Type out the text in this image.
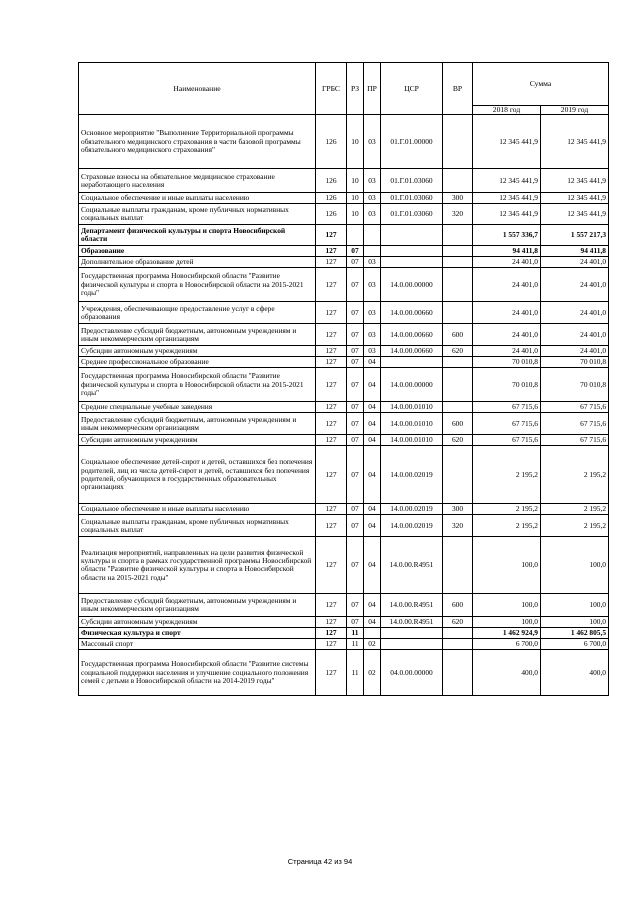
Наименование	ГРБС	РЗ	ПР	ЦСР	ВР	Сумма	
						2018 год	2019 год
Основное мероприятие "Выполнение Территориальной программы обязательного медицинского страхования в части базовой программы обязательного медицинского страхования"	126	10	03	01.Г.01.00000		12 345 441,9	12 345 441,9
Страховые взносы на обязательное медицинское страхование неработающего населения	126	10	03	01.Г.01.03060		12 345 441,9	12 345 441,9
Социальное обеспечение и иные выплаты населению	126	10	03	01.Г.01.03060	300	12 345 441,9	12 345 441,9
Социальные выплаты гражданам, кроме публичных нормативных социальных выплат	126	10	03	01.Г.01.03060	320	12 345 441,9	12 345 441,9
Департамент физической культуры и спорта Новосибирской области	127					1 557 336,7	1 557 217,3
Образование	127	07				94 411,8	94 411,8
Дополнительное образование детей	127	07	03			24 401,0	24 401,0
Государственная программа Новосибирской области "Развитие физической культуры и спорта в Новосибирской области на 2015-2021 годы"	127	07	03	14.0.00.00000		24 401,0	24 401,0
Учреждения, обеспечивающие предоставление услуг в сфере образования	127	07	03	14.0.00.00660		24 401,0	24 401,0
Предоставление субсидий бюджетным, автономным учреждениям и иным некоммерческим организациям	127	07	03	14.0.00.00660	600	24 401,0	24 401,0
Субсидии автономным учреждениям	127	07	03	14.0.00.00660	620	24 401,0	24 401,0
Среднее профессиональное образование	127	07	04			70 010,8	70 010,8
Государственная программа Новосибирской области "Развитие физической культуры и спорта в Новосибирской области на 2015-2021 годы"	127	07	04	14.0.00.00000		70 010,8	70 010,8
Средние специальные учебные заведения	127	07	04	14.0.00.01010		67 715,6	67 715,6
Предоставление субсидий бюджетным, автономным учреждениям и иным некоммерческим организациям	127	07	04	14.0.00.01010	600	67 715,6	67 715,6
Субсидии автономным учреждениям	127	07	04	14.0.00.01010	620	67 715,6	67 715,6
Социальное обеспечение детей-сирот и детей, оставшихся без попечения родителей, лиц из числа детей-сирот и детей, оставшихся без попечения родителей, обучающихся в государственных образовательных организациях	127	07	04	14.0.00.02019		2 195,2	2 195,2
Социальное обеспечение и иные выплаты населению	127	07	04	14.0.00.02019	300	2 195,2	2 195,2
Социальные выплаты гражданам, кроме публичных нормативных социальных выплат	127	07	04	14.0.00.02019	320	2 195,2	2 195,2
Реализация мероприятий, направленных на цели развития физической культуры и спорта в рамках государственной программы Новосибирской области "Развитие физической культуры и спорта в Новосибирской области на 2015-2021 годы"	127	07	04	14.0.00.R4951		100,0	100,0
Предоставление субсидий бюджетным, автономным учреждениям и иным некоммерческим организациям	127	07	04	14.0.00.R4951	600	100,0	100,0
Субсидии автономным учреждениям	127	07	04	14.0.00.R4951	620	100,0	100,0
Физическая культура и спорт	127	11				1 462 924,9	1 462 805,5
Массовый спорт	127	11	02			6 700,0	6 700,0
Государственная программа Новосибирской области "Развитие системы социальной поддержки населения и улучшение социального положения семей с детьми в Новосибирской области на 2014-2019 годы"	127	11	02	04.0.00.00000		400,0	400,0
Страница 42 из 94
